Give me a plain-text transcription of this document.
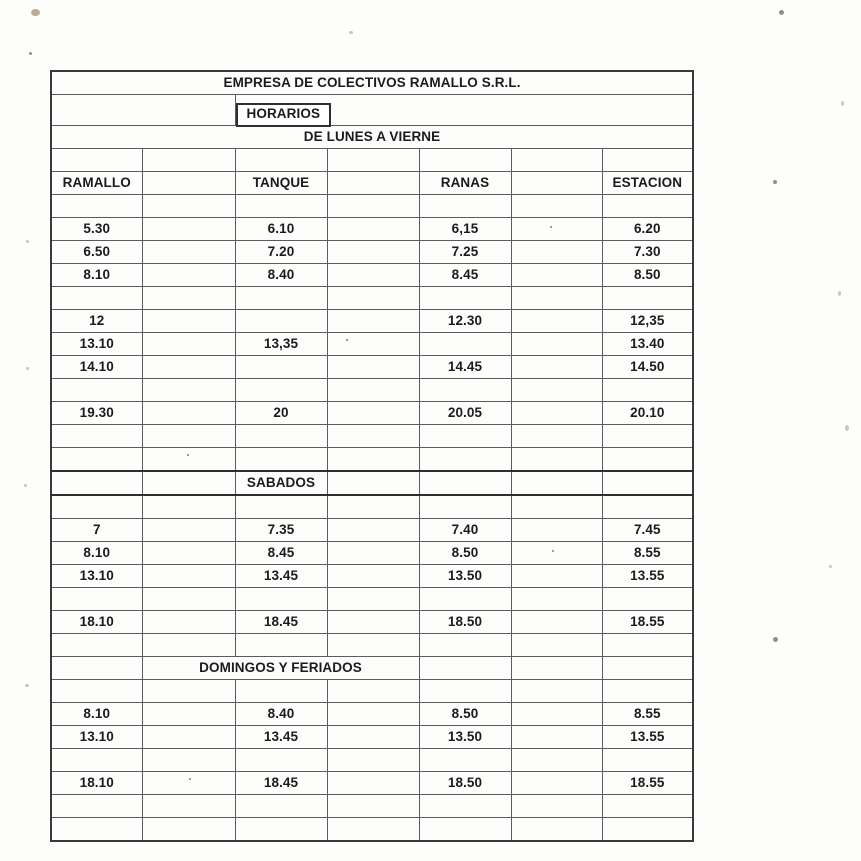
EMPRESA DE COLECTIVOS RAMALLO S.R.L.						

		HORARIOS				

DE LUNES A VIERNE						

RAMALLO		TANQUE		RANAS		ESTACION

5.30		6.10		6,15		6.20
6.50		7.20		7.25		7.30
8.10		8.40		8.45		8.50

12				12.30		12,35
13.10		13,35				13.40
14.10				14.45		14.50

19.30		20		20.05		20.10

		SABADOS				

7		7.35		7.40		7.45
8.10		8.45		8.50		8.55
13.10		13.45		13.50		13.55

18.10		18.45		18.50		18.55

	DOMINGOS Y FERIADOS					

8.10		8.40		8.50		8.55
13.10		13.45		13.50		13.55

18.10		18.45		18.50		18.55
